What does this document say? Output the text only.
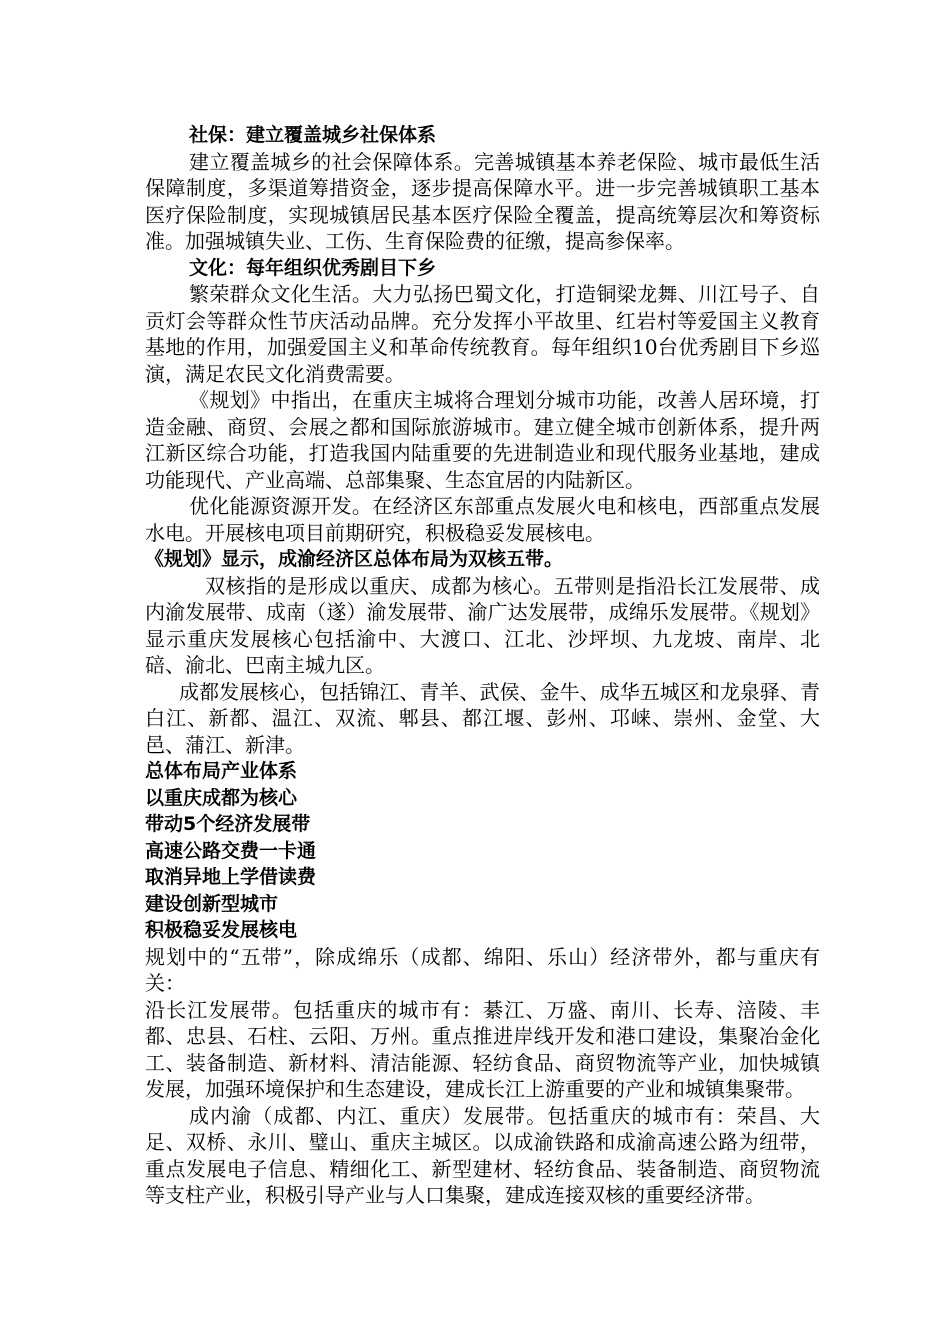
社保：建立覆盖城乡社保体系

建立覆盖城乡的社会保障体系。完善城镇基本养老保险、城市最低生活保障制度，多渠道筹措资金，逐步提高保障水平。进一步完善城镇职工基本医疗保险制度，实现城镇居民基本医疗保险全覆盖，提高统筹层次和筹资标准。加强城镇失业、工伤、生育保险费的征缴，提高参保率。

文化：每年组织优秀剧目下乡

繁荣群众文化生活。大力弘扬巴蜀文化，打造铜梁龙舞、川江号子、自贡灯会等群众性节庆活动品牌。充分发挥小平故里、红岩村等爱国主义教育基地的作用，加强爱国主义和革命传统教育。每年组织10台优秀剧目下乡巡演，满足农民文化消费需要。

《规划》中指出，在重庆主城将合理划分城市功能，改善人居环境，打造金融、商贸、会展之都和国际旅游城市。建立健全城市创新体系，提升两江新区综合功能，打造我国内陆重要的先进制造业和现代服务业基地，建成功能现代、产业高端、总部集聚、生态宜居的内陆新区。

优化能源资源开发。在经济区东部重点发展火电和核电，西部重点发展水电。开展核电项目前期研究，积极稳妥发展核电。

《规划》显示，成渝经济区总体布局为双核五带。

双核指的是形成以重庆、成都为核心。五带则是指沿长江发展带、成内渝发展带、成南（遂）渝发展带、渝广达发展带，成绵乐发展带。《规划》显示重庆发展核心包括渝中、大渡口、江北、沙坪坝、九龙坡、南岸、北碚、渝北、巴南主城九区。

成都发展核心，包括锦江、青羊、武侯、金牛、成华五城区和龙泉驿、青白江、新都、温江、双流、郫县、都江堰、彭州、邛崃、崇州、金堂、大邑、蒲江、新津。

总体布局产业体系

以重庆成都为核心

带动5个经济发展带

高速公路交费一卡通

取消异地上学借读费

建设创新型城市

积极稳妥发展核电

规划中的“五带”，除成绵乐（成都、绵阳、乐山）经济带外，都与重庆有关：

沿长江发展带。包括重庆的城市有：綦江、万盛、南川、长寿、涪陵、丰都、忠县、石柱、云阳、万州。重点推进岸线开发和港口建设，集聚冶金化工、装备制造、新材料、清洁能源、轻纺食品、商贸物流等产业，加快城镇发展，加强环境保护和生态建设，建成长江上游重要的产业和城镇集聚带。

成内渝（成都、内江、重庆）发展带。包括重庆的城市有：荣昌、大足、双桥、永川、璧山、重庆主城区。以成渝铁路和成渝高速公路为纽带，重点发展电子信息、精细化工、新型建材、轻纺食品、装备制造、商贸物流等支柱产业，积极引导产业与人口集聚，建成连接双核的重要经济带。
